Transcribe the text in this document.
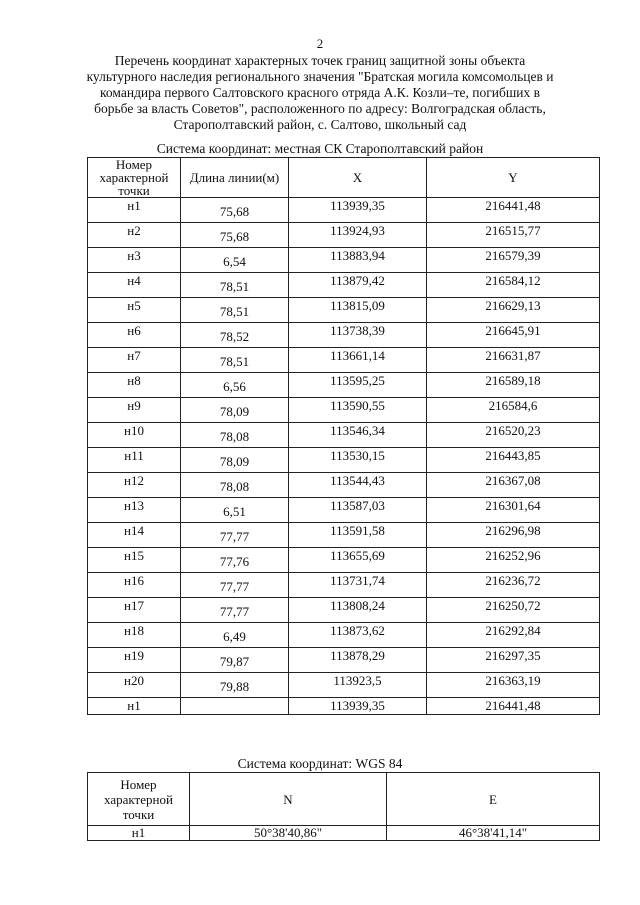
2
Перечень координат характерных точек границ защитной зоны объекта культурного наследия регионального значения "Братская могила комсомольцев и командира первого Салтовского красного отряда А.К. Козли–те, погибших в борьбе за власть Советов", расположенного по адресу: Волгоградская область, Старополтавский район, с. Салтово, школьный сад
Система координат: местная СК Старополтавский район
Номер характерной точки	Длина линии(м)	X	Y
н1	75,68	113939,35	216441,48
н2	75,68	113924,93	216515,77
н3	6,54	113883,94	216579,39
н4	78,51	113879,42	216584,12
н5	78,51	113815,09	216629,13
н6	78,52	113738,39	216645,91
н7	78,51	113661,14	216631,87
н8	6,56	113595,25	216589,18
н9	78,09	113590,55	216584,6
н10	78,08	113546,34	216520,23
н11	78,09	113530,15	216443,85
н12	78,08	113544,43	216367,08
н13	6,51	113587,03	216301,64
н14	77,77	113591,58	216296,98
н15	77,76	113655,69	216252,96
н16	77,77	113731,74	216236,72
н17	77,77	113808,24	216250,72
н18	6,49	113873,62	216292,84
н19	79,87	113878,29	216297,35
н20	79,88	113923,5	216363,19
н1		113939,35	216441,48
Система координат: WGS 84
Номер характерной точки	N	E
н1	50°38'40,86"	46°38'41,14"
